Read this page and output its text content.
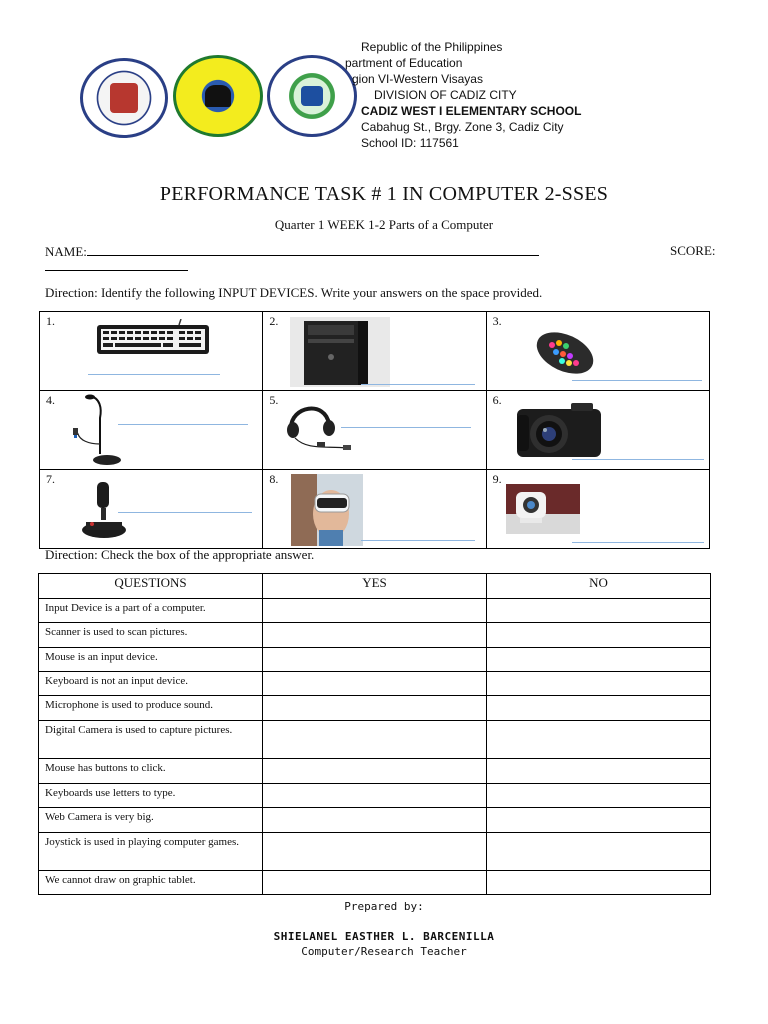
Republic of the Philippines
partment of Education
gion VI-Western Visayas
DIVISION OF CADIZ CITY
CADIZ WEST I ELEMENTARY SCHOOL
Cabahug St., Brgy. Zone 3, Cadiz City
School ID: 117561
PERFORMANCE TASK # 1 IN COMPUTER 2-SSES
Quarter 1 WEEK 1-2 Parts of a Computer
NAME:	SCORE:
Direction: Identify the following INPUT DEVICES. Write your answers on the space provided.
1.	2.	3.

4.	5.	6.

7.	8.	9.
Direction: Check the box of the appropriate answer.
QUESTIONS	YES	NO
Input Device is a part of a computer.		
Scanner is used to scan pictures.		
Mouse is an input device.		
Keyboard is not an input device.		
Microphone is used to produce sound.		
Digital Camera is used to capture pictures.		
Mouse has buttons to click.		
Keyboards use letters to type.		
Web Camera is very big.		
Joystick is used in playing computer games.		
We cannot draw on graphic tablet.		
Prepared by:
SHIELANEL EASTHER L. BARCENILLA
Computer/Research Teacher
